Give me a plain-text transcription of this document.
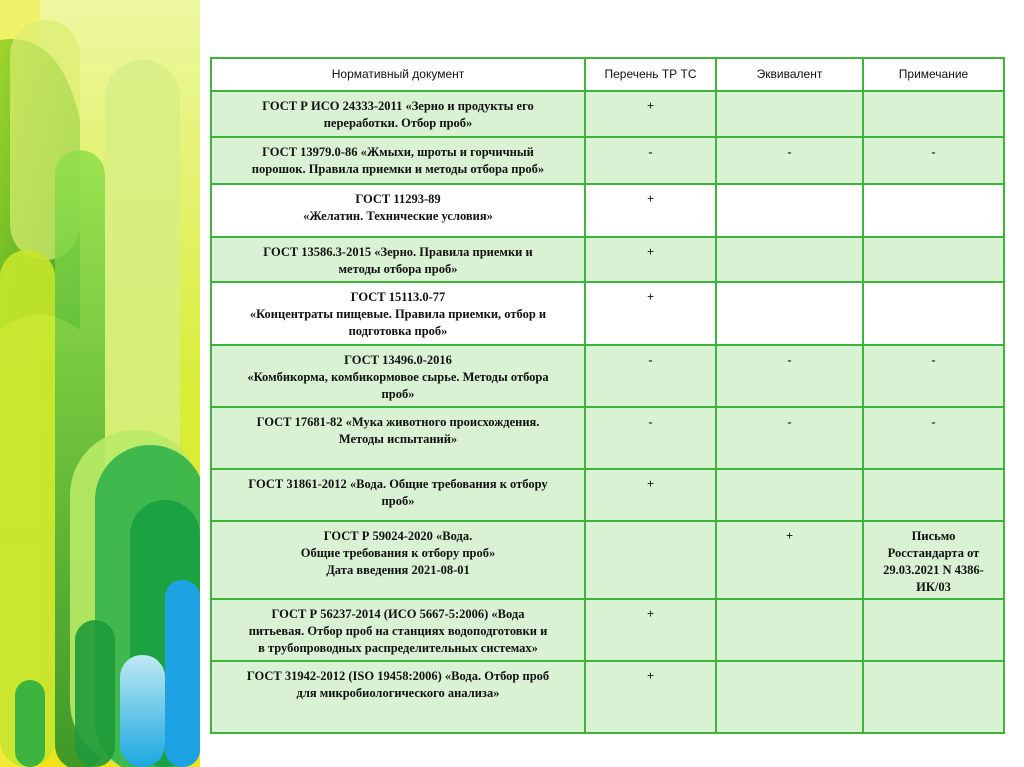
Нормативный документ	Перечень ТР ТС	Эквивалент	Примечание
ГОСТ Р ИСО 24333-2011 «Зерно и продукты его
переработки. Отбор проб»	+		
ГОСТ 13979.0-86 «Жмыхи, шроты и горчичный
порошок. Правила приемки и методы отбора проб»	-	-	-
ГОСТ 11293-89
«Желатин. Технические условия»	+		
ГОСТ 13586.3-2015 «Зерно. Правила приемки и
методы отбора проб»	+		
ГОСТ 15113.0-77
«Концентраты пищевые. Правила приемки, отбор и
подготовка проб»	+		
ГОСТ 13496.0-2016
«Комбикорма, комбикормовое сырье. Методы отбора
проб»	-	-	-
ГОСТ 17681-82 «Мука животного происхождения.
Методы испытаний»	-	-	-
ГОСТ 31861-2012 «Вода. Общие требования к отбору
проб»	+		
ГОСТ Р 59024-2020 «Вода.
Общие требования к отбору проб»
Дата введения 2021-08-01		+	Письмо
Росстандарта от
29.03.2021 N 4386-
ИК/03
ГОСТ Р 56237-2014 (ИСО 5667-5:2006) «Вода
питьевая. Отбор проб на станциях водоподготовки и
в трубопроводных распределительных системах»	+		
ГОСТ 31942-2012 (ISO 19458:2006) «Вода. Отбор проб
для микробиологического анализа»	+		
